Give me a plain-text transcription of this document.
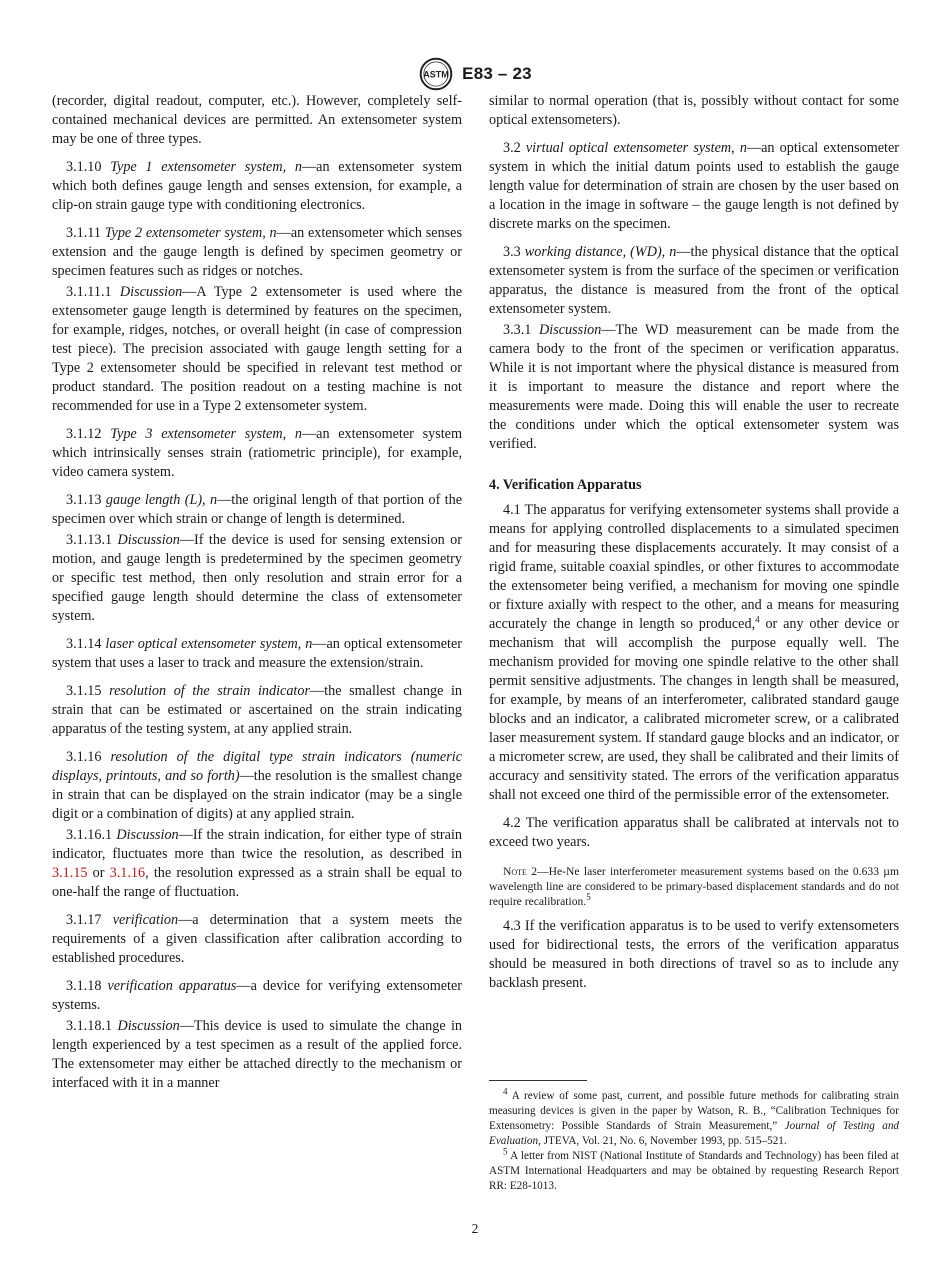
ASTM E83 – 23

(recorder, digital readout, computer, etc.). However, completely self-contained mechanical devices are permitted. An extensometer system may be one of three types.

3.1.10 Type 1 extensometer system, n—an extensometer system which both defines gauge length and senses extension, for example, a clip-on strain gauge type with conditioning electronics.

3.1.11 Type 2 extensometer system, n—an extensometer which senses extension and the gauge length is defined by specimen geometry or specimen features such as ridges or notches.

3.1.11.1 Discussion—A Type 2 extensometer is used where the extensometer gauge length is determined by features on the specimen, for example, ridges, notches, or overall height (in case of compression test piece). The precision associated with gauge length setting for a Type 2 extensometer should be specified in relevant test method or product standard. The position readout on a testing machine is not recommended for use in a Type 2 extensometer system.

3.1.12 Type 3 extensometer system, n—an extensometer system which intrinsically senses strain (ratiometric principle), for example, video camera system.

3.1.13 gauge length (L), n—the original length of that portion of the specimen over which strain or change of length is determined.

3.1.13.1 Discussion—If the device is used for sensing extension or motion, and gauge length is predetermined by the specimen geometry or specific test method, then only resolution and strain error for a specified gauge length should determine the class of extensometer system.

3.1.14 laser optical extensometer system, n—an optical extensometer system that uses a laser to track and measure the extension/strain.

3.1.15 resolution of the strain indicator—the smallest change in strain that can be estimated or ascertained on the strain indicating apparatus of the testing system, at any applied strain.

3.1.16 resolution of the digital type strain indicators (numeric displays, printouts, and so forth)—the resolution is the smallest change in strain that can be displayed on the strain indicator (may be a single digit or a combination of digits) at any applied strain.

3.1.16.1 Discussion—If the strain indication, for either type of strain indicator, fluctuates more than twice the resolution, as described in 3.1.15 or 3.1.16, the resolution expressed as a strain shall be equal to one-half the range of fluctuation.

3.1.17 verification—a determination that a system meets the requirements of a given classification after calibration according to established procedures.

3.1.18 verification apparatus—a device for verifying extensometer systems.

3.1.18.1 Discussion—This device is used to simulate the change in length experienced by a test specimen as a result of the applied force. The extensometer may either be attached directly to the mechanism or interfaced with it in a manner

similar to normal operation (that is, possibly without contact for some optical extensometers).

3.2 virtual optical extensometer system, n—an optical extensometer system in which the initial datum points used to establish the gauge length value for determination of strain are chosen by the user based on a location in the image in software – the gauge length is not defined by discrete marks on the specimen.

3.3 working distance, (WD), n—the physical distance that the optical extensometer system is from the surface of the specimen or verification apparatus, the distance is measured from the front of the optical extensometer system.

3.3.1 Discussion—The WD measurement can be made from the camera body to the front of the specimen or verification apparatus. While it is not important where the physical distance is measured from it is important to measure the distance and report where the measurements were made. Doing this will enable the user to recreate the conditions under which the optical extensometer system was verified.

4. Verification Apparatus

4.1 The apparatus for verifying extensometer systems shall provide a means for applying controlled displacements to a simulated specimen and for measuring these displacements accurately. It may consist of a rigid frame, suitable coaxial spindles, or other fixtures to accommodate the extensometer being verified, a mechanism for moving one spindle or fixture axially with respect to the other, and a means for measuring accurately the change in length so produced,$^4$ or any other device or mechanism that will accomplish the purpose equally well. The mechanism provided for moving one spindle relative to the other shall permit sensitive adjustments. The changes in length shall be measured, for example, by means of an interferometer, calibrated standard gauge blocks and an indicator, a calibrated micrometer screw, or a calibrated laser measurement system. If standard gauge blocks and an indicator, or a micrometer screw, are used, they shall be calibrated and their limits of accuracy and sensitivity stated. The errors of the verification apparatus shall not exceed one third of the permissible error of the extensometer.

4.2 The verification apparatus shall be calibrated at intervals not to exceed two years.

Note 2—He-Ne laser interferometer measurement systems based on the 0.633 µm wavelength line are considered to be primary-based displacement standards and do not require recalibration.$^5$

4.3 If the verification apparatus is to be used to verify extensometers used for bidirectional tests, the errors of the verification apparatus should be measured in both directions of travel so as to include any backlash present.

$^4$ A review of some past, current, and possible future methods for calibrating strain measuring devices is given in the paper by Watson, R. B., “Calibration Techniques for Extensometry: Possible Standards of Strain Measurement,” Journal of Testing and Evaluation, JTEVA, Vol. 21, No. 6, November 1993, pp. 515–521.

$^5$ A letter from NIST (National Institute of Standards and Technology) has been filed at ASTM International Headquarters and may be obtained by requesting Research Report RR: E28-1013.

2
